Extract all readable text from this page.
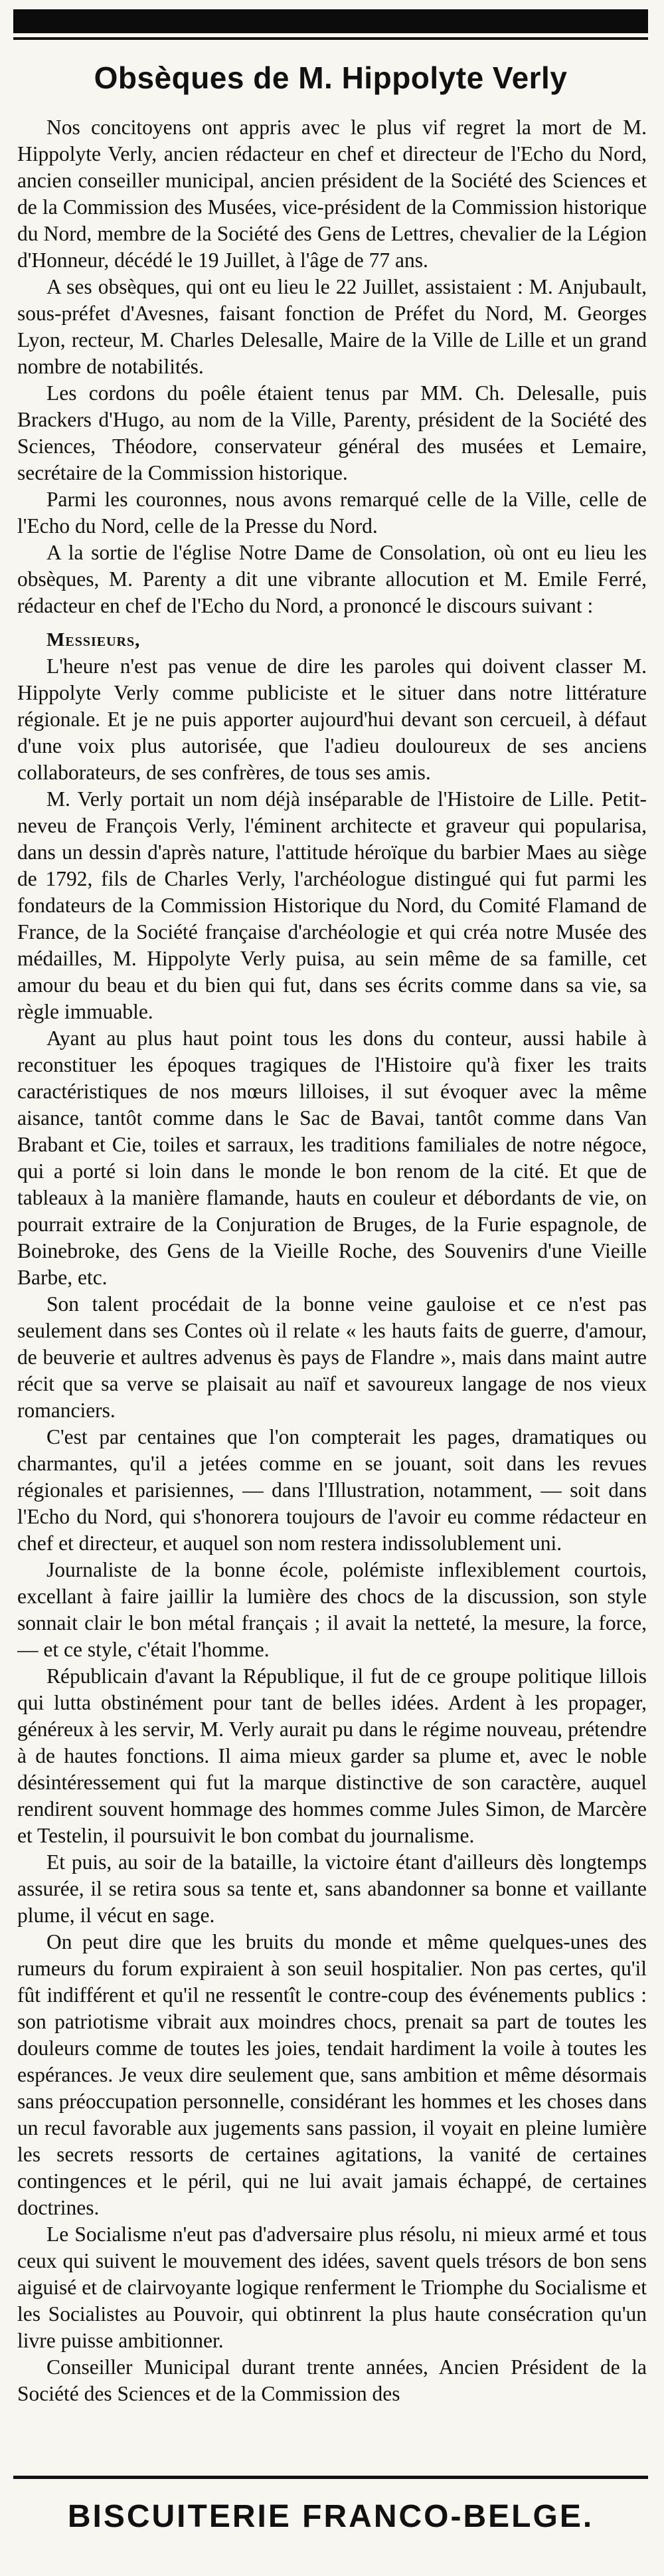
Obsèques de M. Hippolyte Verly

Nos concitoyens ont appris avec le plus vif regret la mort de M. Hippolyte Verly, ancien rédacteur en chef et directeur de l'Echo du Nord, ancien conseiller municipal, ancien président de la Société des Sciences et de la Commission des Musées, vice-président de la Commission historique du Nord, membre de la Société des Gens de Lettres, chevalier de la Légion d'Honneur, décédé le 19 Juillet, à l'âge de 77 ans.

A ses obsèques, qui ont eu lieu le 22 Juillet, assistaient : M. Anjubault, sous-préfet d'Avesnes, faisant fonction de Préfet du Nord, M. Georges Lyon, recteur, M. Charles Delesalle, Maire de la Ville de Lille et un grand nombre de notabilités.

Les cordons du poêle étaient tenus par MM. Ch. Delesalle, puis Brackers d'Hugo, au nom de la Ville, Parenty, président de la Société des Sciences, Théodore, conservateur général des musées et Lemaire, secrétaire de la Commission historique.

Parmi les couronnes, nous avons remarqué celle de la Ville, celle de l'Echo du Nord, celle de la Presse du Nord.

A la sortie de l'église Notre Dame de Consolation, où ont eu lieu les obsèques, M. Parenty a dit une vibrante allocution et M. Emile Ferré, rédacteur en chef de l'Echo du Nord, a prononcé le discours suivant :

Messieurs,

L'heure n'est pas venue de dire les paroles qui doivent classer M. Hippolyte Verly comme publiciste et le situer dans notre littérature régionale. Et je ne puis apporter aujourd'hui devant son cercueil, à défaut d'une voix plus autorisée, que l'adieu douloureux de ses anciens collaborateurs, de ses confrères, de tous ses amis.

M. Verly portait un nom déjà inséparable de l'Histoire de Lille. Petit-neveu de François Verly, l'éminent architecte et graveur qui popularisa, dans un dessin d'après nature, l'attitude héroïque du barbier Maes au siège de 1792, fils de Charles Verly, l'archéologue distingué qui fut parmi les fondateurs de la Commission Historique du Nord, du Comité Flamand de France, de la Société française d'archéologie et qui créa notre Musée des médailles, M. Hippolyte Verly puisa, au sein même de sa famille, cet amour du beau et du bien qui fut, dans ses écrits comme dans sa vie, sa règle immuable.

Ayant au plus haut point tous les dons du conteur, aussi habile à reconstituer les époques tragiques de l'Histoire qu'à fixer les traits caractéristiques de nos mœurs lilloises, il sut évoquer avec la même aisance, tantôt comme dans le Sac de Bavai, tantôt comme dans Van Brabant et Cie, toiles et sarraux, les traditions familiales de notre négoce, qui a porté si loin dans le monde le bon renom de la cité. Et que de tableaux à la manière flamande, hauts en couleur et débordants de vie, on pourrait extraire de la Conjuration de Bruges, de la Furie espagnole, de Boinebroke, des Gens de la Vieille Roche, des Souvenirs d'une Vieille Barbe, etc.

Son talent procédait de la bonne veine gauloise et ce n'est pas seulement dans ses Contes où il relate « les hauts faits de guerre, d'amour, de beuverie et aultres advenus ès pays de Flandre », mais dans maint autre récit que sa verve se plaisait au naïf et savoureux langage de nos vieux romanciers.

C'est par centaines que l'on compterait les pages, dramatiques ou charmantes, qu'il a jetées comme en se jouant, soit dans les revues régionales et parisiennes, — dans l'Illustration, notamment, — soit dans l'Echo du Nord, qui s'honorera toujours de l'avoir eu comme rédacteur en chef et directeur, et auquel son nom restera indissolublement uni.

Journaliste de la bonne école, polémiste inflexiblement courtois, excellant à faire jaillir la lumière des chocs de la discussion, son style sonnait clair le bon métal français ; il avait la netteté, la mesure, la force, — et ce style, c'était l'homme.

Républicain d'avant la République, il fut de ce groupe politique lillois qui lutta obstinément pour tant de belles idées. Ardent à les propager, généreux à les servir, M. Verly aurait pu dans le régime nouveau, prétendre à de hautes fonctions. Il aima mieux garder sa plume et, avec le noble désintéressement qui fut la marque distinctive de son caractère, auquel rendirent souvent hommage des hommes comme Jules Simon, de Marcère et Testelin, il poursuivit le bon combat du journalisme.

Et puis, au soir de la bataille, la victoire étant d'ailleurs dès longtemps assurée, il se retira sous sa tente et, sans abandonner sa bonne et vaillante plume, il vécut en sage.

On peut dire que les bruits du monde et même quelques-unes des rumeurs du forum expiraient à son seuil hospitalier. Non pas certes, qu'il fût indifférent et qu'il ne ressentît le contre-coup des événements publics : son patriotisme vibrait aux moindres chocs, prenait sa part de toutes les douleurs comme de toutes les joies, tendait hardiment la voile à toutes les espérances. Je veux dire seulement que, sans ambition et même désormais sans préoccupation personnelle, considérant les hommes et les choses dans un recul favorable aux jugements sans passion, il voyait en pleine lumière les secrets ressorts de certaines agitations, la vanité de certaines contingences et le péril, qui ne lui avait jamais échappé, de certaines doctrines.

Le Socialisme n'eut pas d'adversaire plus résolu, ni mieux armé et tous ceux qui suivent le mouvement des idées, savent quels trésors de bon sens aiguisé et de clairvoyante logique renferment le Triomphe du Socialisme et les Socialistes au Pouvoir, qui obtinrent la plus haute consécration qu'un livre puisse ambitionner.

Conseiller Municipal durant trente années, Ancien Président de la Société des Sciences et de la Commission des

BISCUITERIE FRANCO-BELGE.
